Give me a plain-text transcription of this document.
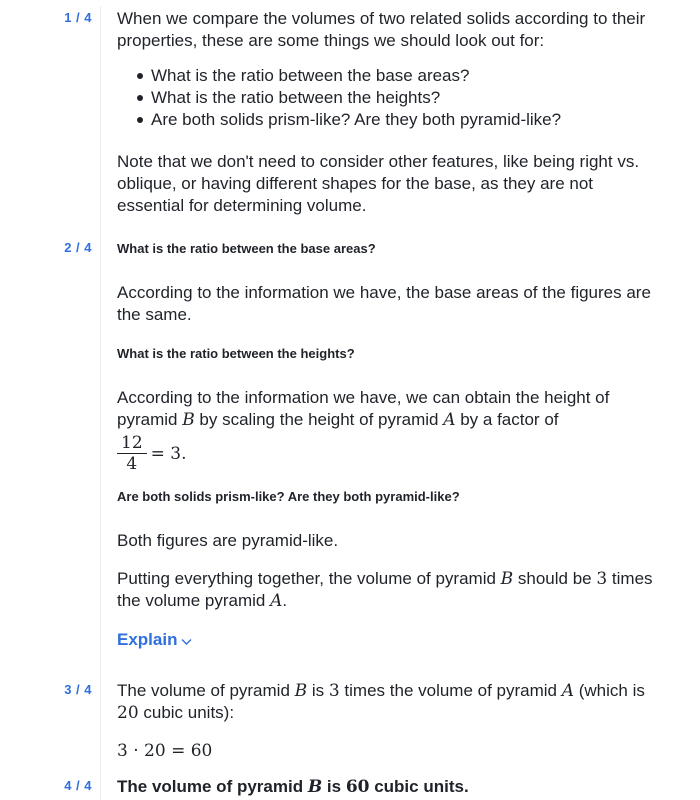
1 / 4	When we compare the volumes of two related solids according to their properties, these are some things we should look out for:

What is the ratio between the base areas?
What is the ratio between the heights?
Are both solids prism-like? Are they both pyramid-like?

Note that we don't need to consider other features, like being right vs. oblique, or having different shapes for the base, as they are not essential for determining volume.

2 / 4	What is the ratio between the base areas?

According to the information we have, the base areas of the figures are the same.

What is the ratio between the heights?

According to the information we have, we can obtain the height of pyramid B by scaling the height of pyramid A by a factor of

$\frac{12}{4} = 3$.

Are both solids prism-like? Are they both pyramid-like?

Both figures are pyramid-like.

Putting everything together, the volume of pyramid B should be 3 times the volume pyramid A.

Explain
3 / 4	The volume of pyramid B is 3 times the volume of pyramid A (which is 20 cubic units):

3 · 20 = 60

4 / 4	The volume of pyramid B is 60 cubic units.
